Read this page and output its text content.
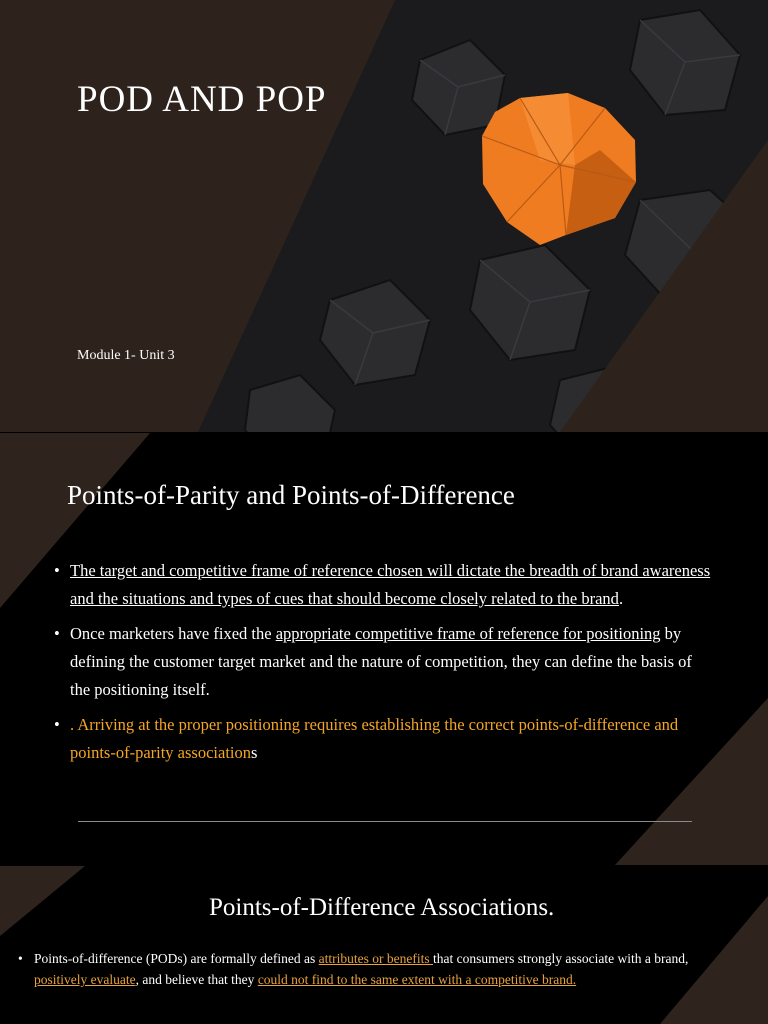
POD AND POP
Module 1- Unit 3
Points-of-Parity and Points-of-Difference
• The target and competitive frame of reference chosen will dictate the breadth of brand awareness and the situations and types of cues that should become closely related to the brand.
• Once marketers have fixed the appropriate competitive frame of reference for positioning by defining the customer target market and the nature of competition, they can define the basis of the positioning itself.
• . Arriving at the proper positioning requires establishing the correct points-of-difference and points-of-parity associations
Points-of-Difference Associations.
• Points-of-difference (PODs) are formally defined as attributes or benefits that consumers strongly associate with a brand, positively evaluate, and believe that they could not find to the same extent with a competitive brand.
